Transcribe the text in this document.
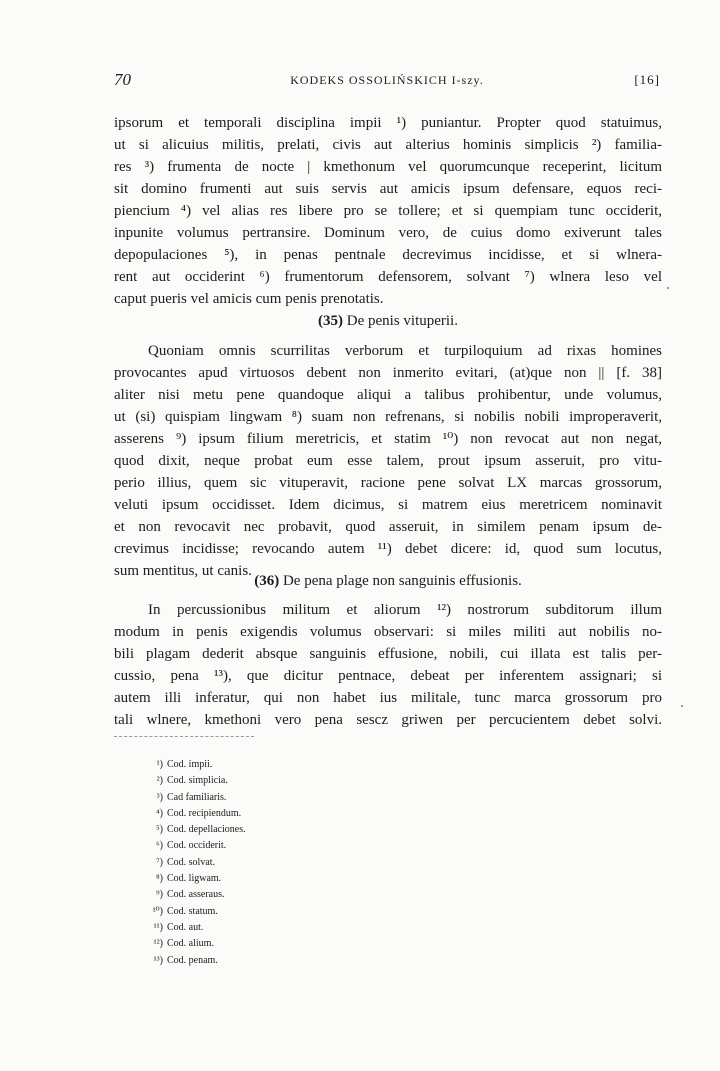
70	KODEKS OSSOLIŃSKICH I-szy.	[16]
ipsorum et temporali disciplina impii ¹) puniantur. Propter quod statuimus,
ut si alicuius militis, prelati, civis aut alterius hominis simplicis ²) familia-
res ³) frumenta de nocte | kmethonum vel quorumcunque receperint, licitum
sit domino frumenti aut suis servis aut amicis ipsum defensare, equos reci-
piencium ⁴) vel alias res libere pro se tollere; et si quempiam tunc occiderit,
inpunite volumus pertransire. Dominum vero, de cuius domo exiverunt tales
depopulaciones ⁵), in penas pentnale decrevimus incidisse, et si wlnera-
rent aut occiderint ⁶) frumentorum defensorem, solvant ⁷) wlnera leso vel
caput pueris vel amicis cum penis prenotatis.
(35) De penis vituperii.
Quoniam omnis scurrilitas verborum et turpiloquium ad rixas homines
provocantes apud virtuosos debent non inmerito evitari, (at)que non || [f. 38]
aliter nisi metu pene quandoque aliqui a talibus prohibentur, unde volumus,
ut (si) quispiam lingwam ⁸) suam non refrenans, si nobilis nobili improperaverit,
asserens ⁹) ipsum filium meretricis, et statim ¹⁰) non revocat aut non negat,
quod dixit, neque probat eum esse talem, prout ipsum asseruit, pro vitu-
perio illius, quem sic vituperavit, racione pene solvat LX marcas grossorum,
veluti ipsum occidisset. Idem dicimus, si matrem eius meretricem nominavit
et non revocavit nec probavit, quod asseruit, in similem penam ipsum de-
crevimus incidisse; revocando autem ¹¹) debet dicere: id, quod sum locutus,
sum mentitus, ut canis.
(36) De pena plage non sanguinis effusionis.
In percussionibus militum et aliorum ¹²) nostrorum subditorum illum
modum in penis exigendis volumus observari: si miles militi aut nobilis no-
bili plagam dederit absque sanguinis effusione, nobili, cui illata est talis per-
cussio, pena ¹³), que dicitur pentnace, debeat per inferentem assignari; si
autem illi inferatur, qui non habet ius militale, tunc marca grossorum pro
tali wlnere, kmethoni vero pena sescz griwen per percucientem debet solvi.
¹) Cod. impii.
²) Cod. simplicia.
³) Cad familiaris.
⁴) Cod. recipiendum.
⁵) Cod. depellaciones.
⁶) Cod. occiderit.
⁷) Cod. solvat.
⁸) Cod. ligwam.
⁹) Cod. asseraus.
¹⁰) Cod. statum.
¹¹) Cod. aut.
¹²) Cod. alium.
¹³) Cod. penam.
